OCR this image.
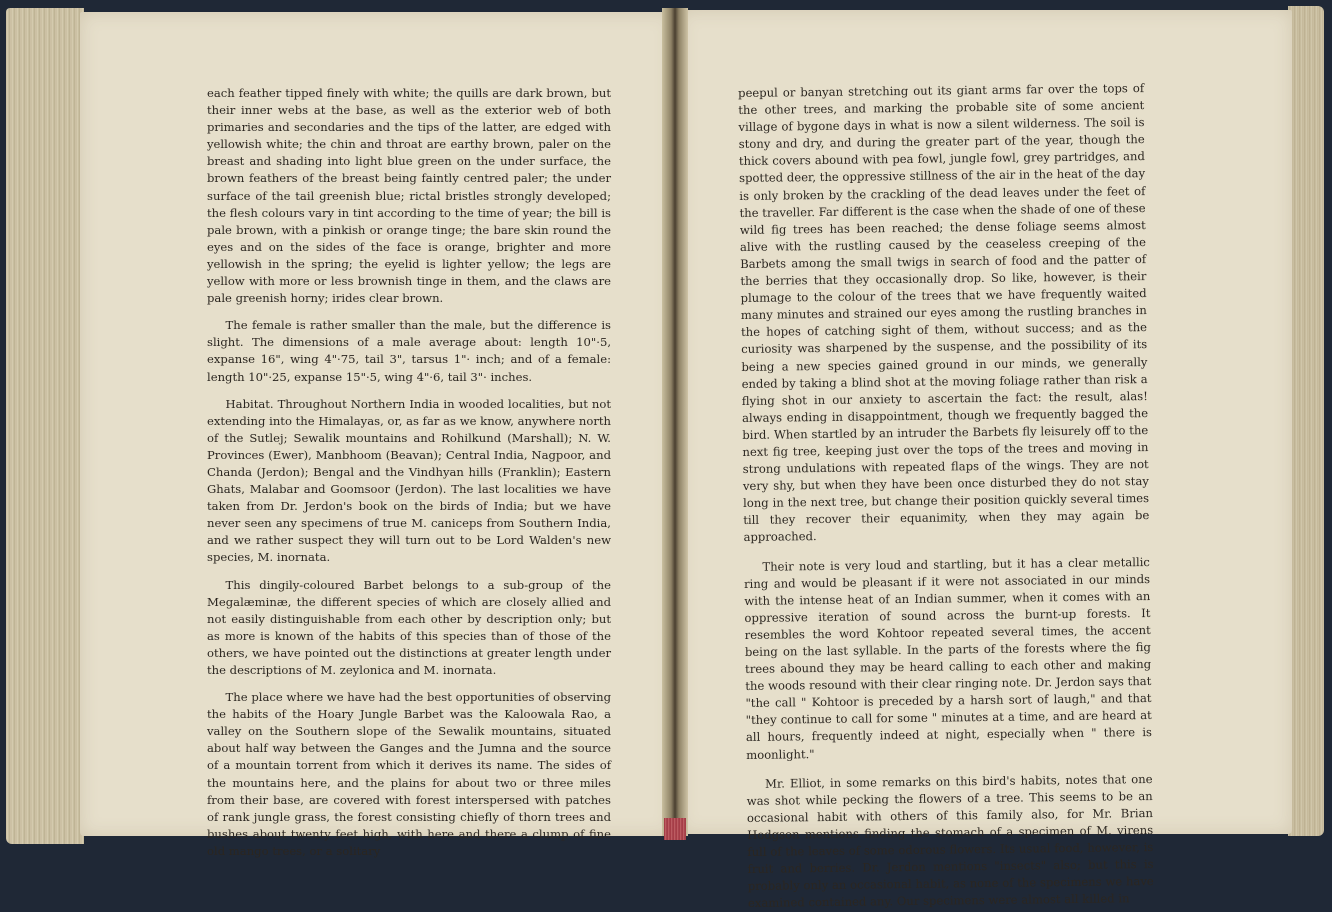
each feather tipped finely with white; the quills are dark brown, but their inner webs at the base, as well as the exterior web of both primaries and secondaries and the tips of the latter, are edged with yellowish white; the chin and throat are earthy brown, paler on the breast and shading into light blue green on the under surface, the brown feathers of the breast being faintly centred paler; the under surface of the tail greenish blue; rictal bristles strongly developed; the flesh colours vary in tint according to the time of year; the bill is pale brown, with a pinkish or orange tinge; the bare skin round the eyes and on the sides of the face is orange, brighter and more yellowish in the spring; the eyelid is lighter yellow; the legs are yellow with more or less brownish tinge in them, and the claws are pale greenish horny; irides clear brown.

The female is rather smaller than the male, but the difference is slight. The dimensions of a male average about: length 10"·5, expanse 16", wing 4"·75, tail 3", tarsus 1"· inch; and of a female: length 10"·25, expanse 15"·5, wing 4"·6, tail 3"· inches.

Habitat. Throughout Northern India in wooded localities, but not extending into the Himalayas, or, as far as we know, anywhere north of the Sutlej; Sewalik mountains and Rohilkund (Marshall); N. W. Provinces (Ewer), Manbhoom (Beavan); Central India, Nagpoor, and Chanda (Jerdon); Bengal and the Vindhyan hills (Franklin); Eastern Ghats, Malabar and Goomsoor (Jerdon). The last localities we have taken from Dr. Jerdon's book on the birds of India; but we have never seen any specimens of true M. caniceps from Southern India, and we rather suspect they will turn out to be Lord Walden's new species, M. inornata.

This dingily-coloured Barbet belongs to a sub-group of the Megalæminæ, the different species of which are closely allied and not easily distinguishable from each other by description only; but as more is known of the habits of this species than of those of the others, we have pointed out the distinctions at greater length under the descriptions of M. zeylonica and M. inornata.

The place where we have had the best opportunities of observing the habits of the Hoary Jungle Barbet was the Kaloowala Rao, a valley on the Southern slope of the Sewalik mountains, situated about half way between the Ganges and the Jumna and the source of a mountain torrent from which it derives its name. The sides of the mountains here, and the plains for about two or three miles from their base, are covered with forest interspersed with patches of rank jungle grass, the forest consisting chiefly of thorn trees and bushes about twenty feet high, with here and there a clump of fine old mango trees, or a solitary

peepul or banyan stretching out its giant arms far over the tops of the other trees, and marking the probable site of some ancient village of bygone days in what is now a silent wilderness. The soil is stony and dry, and during the greater part of the year, though the thick covers abound with pea fowl, jungle fowl, grey partridges, and spotted deer, the oppressive stillness of the air in the heat of the day is only broken by the crackling of the dead leaves under the feet of the traveller. Far different is the case when the shade of one of these wild fig trees has been reached; the dense foliage seems almost alive with the rustling caused by the ceaseless creeping of the Barbets among the small twigs in search of food and the patter of the berries that they occasionally drop. So like, however, is their plumage to the colour of the trees that we have frequently waited many minutes and strained our eyes among the rustling branches in the hopes of catching sight of them, without success; and as the curiosity was sharpened by the suspense, and the possibility of its being a new species gained ground in our minds, we generally ended by taking a blind shot at the moving foliage rather than risk a flying shot in our anxiety to ascertain the fact: the result, alas! always ending in disappointment, though we frequently bagged the bird. When startled by an intruder the Barbets fly leisurely off to the next fig tree, keeping just over the tops of the trees and moving in strong undulations with repeated flaps of the wings. They are not very shy, but when they have been once disturbed they do not stay long in the next tree, but change their position quickly several times till they recover their equanimity, when they may again be approached.

Their note is very loud and startling, but it has a clear metallic ring and would be pleasant if it were not associated in our minds with the intense heat of an Indian summer, when it comes with an oppressive iteration of sound across the burnt-up forests. It resembles the word Kohtoor repeated several times, the accent being on the last syllable. In the parts of the forests where the fig trees abound they may be heard calling to each other and making the woods resound with their clear ringing note. Dr. Jerdon says that "the call " Kohtoor is preceded by a harsh sort of laugh," and that "they continue to call for some " minutes at a time, and are heard at all hours, frequently indeed at night, especially when " there is moonlight."

Mr. Elliot, in some remarks on this bird's habits, notes that one was shot while pecking the flowers of a tree. This seems to be an occasional habit with others of this family also, for Mr. Brian Hodgson mentions finding the stomach of a specimen of M. virens full of the leaves of some odorous flowers. Its usual food, however, is fruit and berries. Dr. Jerdon mentions "insects" also; but this is probably only an occasional habit, as none of the specimens we have examined contained any. Our specimens were almost all killed in
